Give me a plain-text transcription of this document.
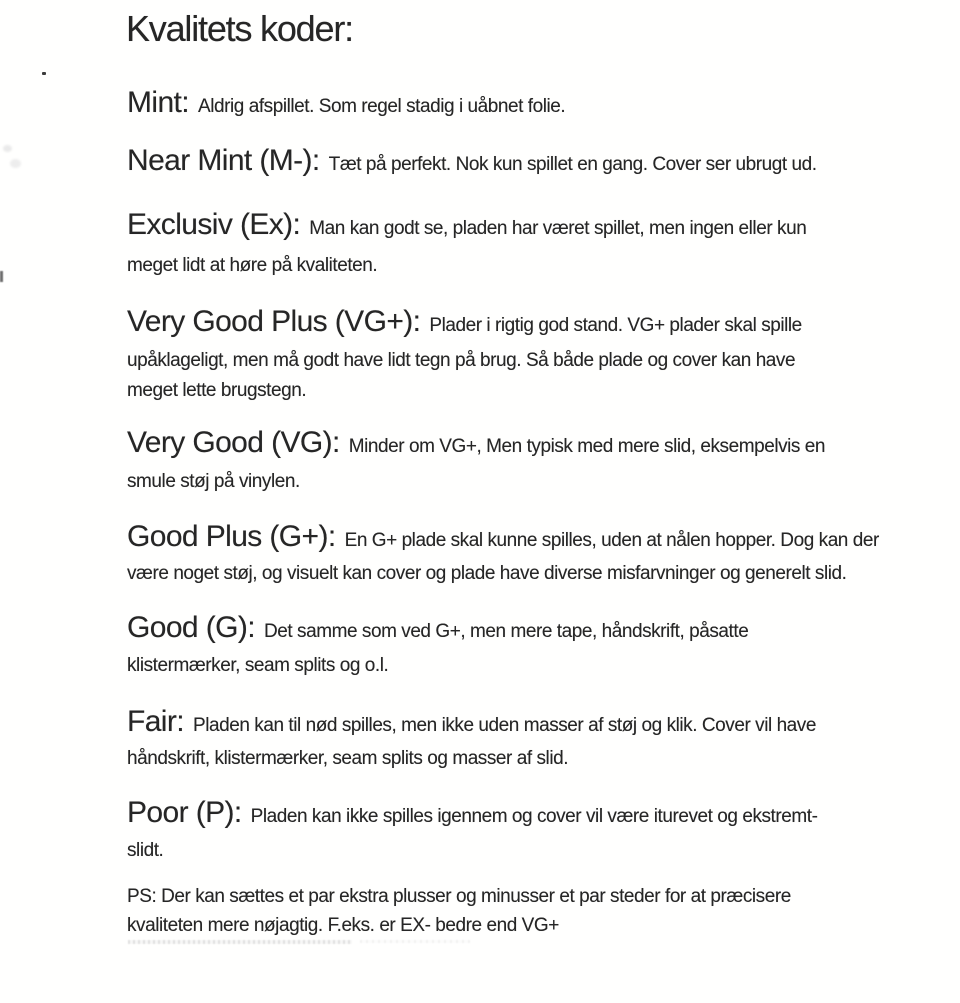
Kvalitets koder:
Mint: Aldrig afspillet. Som regel stadig i uåbnet folie.
Near Mint (M-): Tæt på perfekt. Nok kun spillet en gang. Cover ser ubrugt ud.
Exclusiv (Ex): Man kan godt se, pladen har været spillet, men ingen eller kun
meget lidt at høre på kvaliteten.
Very Good Plus (VG+): Plader i rigtig god stand. VG+ plader skal spille
upåklageligt, men må godt have lidt tegn på brug. Så både plade og cover kan have
meget lette brugstegn.
Very Good (VG): Minder om VG+, Men typisk med mere slid, eksempelvis en
smule støj på vinylen.
Good Plus (G+): En G+ plade skal kunne spilles, uden at nålen hopper. Dog kan der
være noget støj, og visuelt kan cover og plade have diverse misfarvninger og generelt slid.
Good (G): Det samme som ved G+, men mere tape, håndskrift, påsatte
klistermærker, seam splits og o.l.
Fair: Pladen kan til nød spilles, men ikke uden masser af støj og klik. Cover vil have
håndskrift, klistermærker, seam splits og masser af slid.
Poor (P): Pladen kan ikke spilles igennem og cover vil være iturevet og ekstremt-
slidt.
PS: Der kan sættes et par ekstra plusser og minusser et par steder for at præcisere
kvaliteten mere nøjagtig. F.eks. er EX- bedre end VG+
